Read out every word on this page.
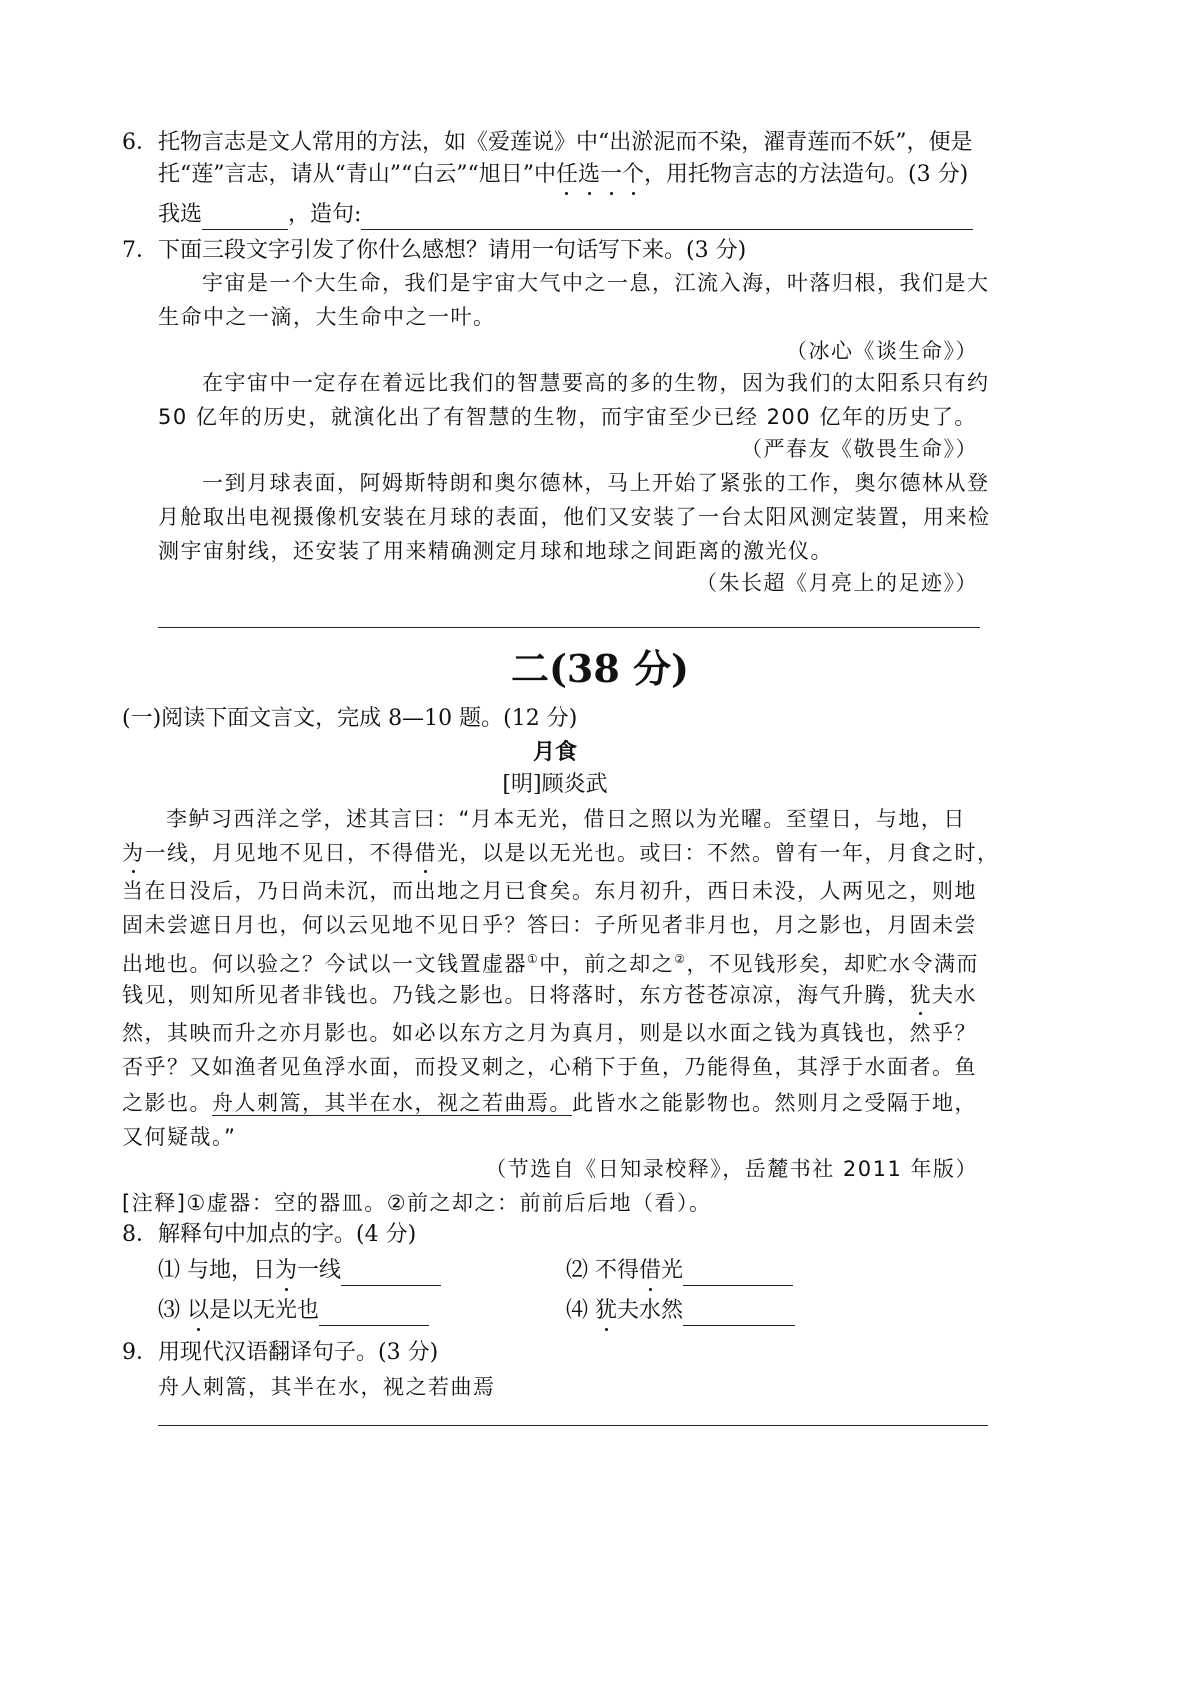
6．托物言志是文人常用的方法，如《爱莲说》中“出淤泥而不染，濯青莲而不妖”，便是
托“莲”言志，请从“青山”“白云”“旭日”中任选一个，用托物言志的方法造句。(3 分)
我选	，造句:
7．下面三段文字引发了你什么感想？请用一句话写下来。(3 分)
宇宙是一个大生命，我们是宇宙大气中之一息，江流入海，叶落归根，我们是大
生命中之一滴，大生命中之一叶。
（冰心《谈生命》）
在宇宙中一定存在着远比我们的智慧要高的多的生物，因为我们的太阳系只有约
50 亿年的历史，就演化出了有智慧的生物，而宇宙至少已经 200 亿年的历史了。
（严春友《敬畏生命》）
一到月球表面，阿姆斯特朗和奥尔德林，马上开始了紧张的工作，奥尔德林从登
月舱取出电视摄像机安装在月球的表面，他们又安装了一台太阳风测定装置，用来检
测宇宙射线，还安装了用来精确测定月球和地球之间距离的激光仪。
（朱长超《月亮上的足迹》）
二(38 分)
(一)阅读下面文言文，完成 8—10 题。(12 分)
月食
[明]顾炎武
李鲈习西洋之学，述其言曰：“月本无光，借日之照以为光曜。至望日，与地，日
为一线，月见地不见日，不得借光，以是以无光也。或曰：不然。曾有一年，月食之时，
当在日没后，乃日尚未沉，而出地之月已食矣。东月初升，西日未没，人两见之，则地
固未尝遮日月也，何以云见地不见日乎？答曰：子所见者非月也，月之影也，月固未尝
出地也。何以验之？今试以一文钱置虚器①中，前之却之②，不见钱形矣，却贮水令满而
钱见，则知所见者非钱也。乃钱之影也。日将落时，东方苍苍凉凉，海气升腾，犹夫水
然，其映而升之亦月影也。如必以东方之月为真月，则是以水面之钱为真钱也，然乎？
否乎？又如渔者见鱼浮水面，而投叉刺之，心稍下于鱼，乃能得鱼，其浮于水面者。鱼
之影也。舟人刺篙，其半在水，视之若曲焉。此皆水之能影物也。然则月之受隔于地，
又何疑哉。”
（节选自《日知录校释》，岳麓书社 2011 年版）
[注释]①虚器：空的器皿。②前之却之：前前后后地（看）。
8．解释句中加点的字。(4 分)
⑴ 与地，日为一线	⑵ 不得借光
⑶ 以是以无光也	⑷ 犹夫水然
9．用现代汉语翻译句子。(3 分)
舟人刺篙，其半在水，视之若曲焉
